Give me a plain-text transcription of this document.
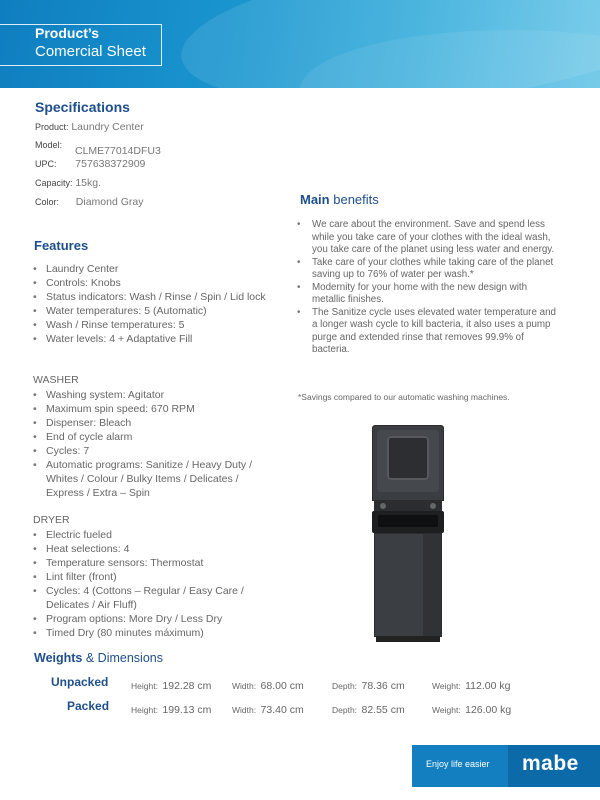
Product’s
Comercial Sheet
Specifications
Product: Laundry Center
Model: CLME77014DFU3
UPC: 757638372909
Capacity: 15kg.
Color: Diamond Gray
Features
• Laundry Center
• Controls: Knobs
• Status indicators: Wash / Rinse / Spin / Lid lock
• Water temperatures: 5 (Automatic)
• Wash / Rinse temperatures: 5
• Water levels: 4 + Adaptative Fill
WASHER
• Washing system: Agitator
• Maximum spin speed: 670 RPM
• Dispenser: Bleach
• End of cycle alarm
• Cycles: 7
• Automatic programs: Sanitize / Heavy Duty / Whites / Colour / Bulky Items / Delicates / Express / Extra – Spin
DRYER
• Electric fueled
• Heat selections: 4
• Temperature sensors: Thermostat
• Lint filter (front)
• Cycles: 4 (Cottons – Regular / Easy Care / Delicates / Air Fluff)
• Program options: More Dry / Less Dry
• Timed Dry (80 minutes máximum)
Main benefits
• We care about the environment. Save and spend less while you take care of your clothes with the ideal wash, you take care of the planet using less water and energy.
• Take care of your clothes while taking care of the planet saving up to 76% of water per wash.*
• Modernity for your home with the new design with metallic finishes.
• The Sanitize cycle uses elevated water temperature and a longer wash cycle to kill bacteria, it also uses a pump purge and extended rinse that removes 99.9% of bacteria.
*Savings compared to our automatic washing machines.
Weights & Dimensions
Unpacked	Height: 192.28 cm Width: 68.00 cm	Depth: 78.36 cm	Weight: 112.00 kg
Packed	Height: 199.13 cm Width: 73.40 cm	Depth: 82.55 cm	Weight: 126.00 kg
Enjoy life easier mabe
